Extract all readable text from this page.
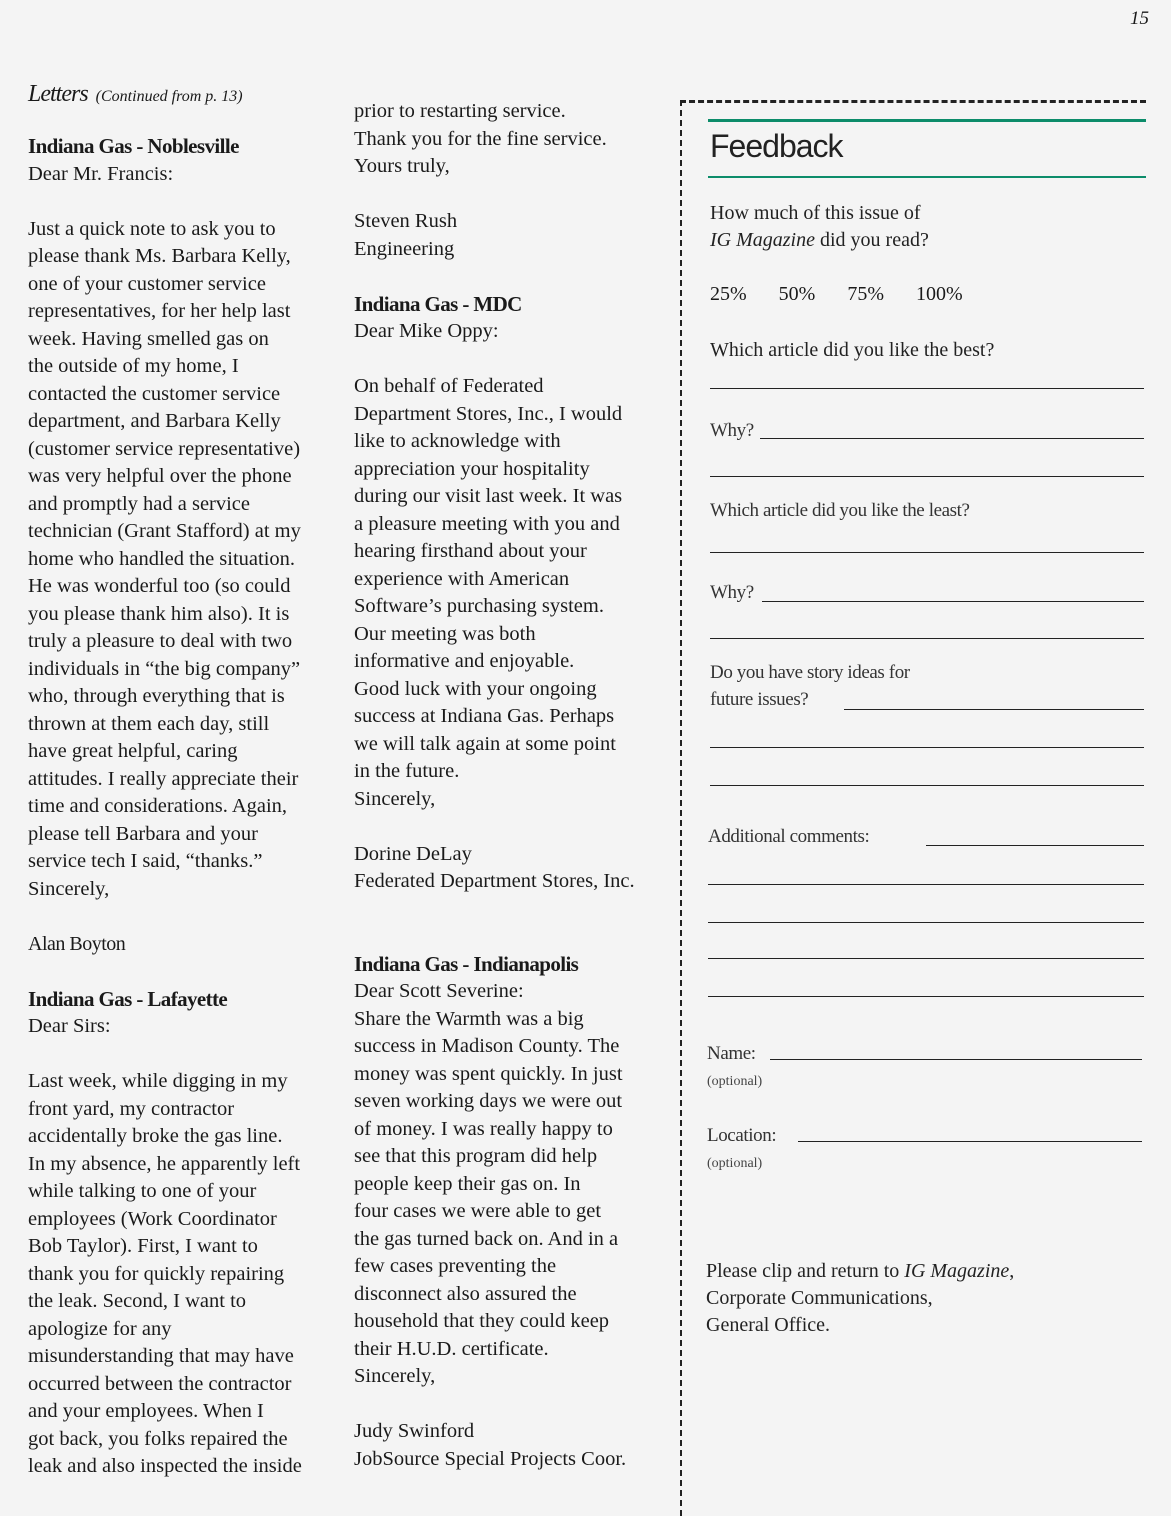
15
Letters (Continued from p. 13)

Indiana Gas - Noblesville

Dear Mr. Francis:

Just a quick note to ask you to

please thank Ms. Barbara Kelly,

one of your customer service

representatives, for her help last

week. Having smelled gas on

the outside of my home, I

contacted the customer service

department, and Barbara Kelly

(customer service representative)

was very helpful over the phone

and promptly had a service

technician (Grant Stafford) at my

home who handled the situation.

He was wonderful too (so could

you please thank him also). It is

truly a pleasure to deal with two

individuals in “the big company”

who, through everything that is

thrown at them each day, still

have great helpful, caring

attitudes. I really appreciate their

time and considerations. Again,

please tell Barbara and your

service tech I said, “thanks.”

Sincerely,

Alan Boyton

Indiana Gas - Lafayette

Dear Sirs:

Last week, while digging in my

front yard, my contractor

accidentally broke the gas line.

In my absence, he apparently left

while talking to one of your

employees (Work Coordinator

Bob Taylor). First, I want to

thank you for quickly repairing

the leak. Second, I want to

apologize for any

misunderstanding that may have

occurred between the contractor

and your employees. When I

got back, you folks repaired the

leak and also inspected the inside

prior to restarting service.

Thank you for the fine service.

Yours truly,

Steven Rush

Engineering

Indiana Gas - MDC

Dear Mike Oppy:

On behalf of Federated

Department Stores, Inc., I would

like to acknowledge with

appreciation your hospitality

during our visit last week. It was

a pleasure meeting with you and

hearing firsthand about your

experience with American

Software’s purchasing system.

Our meeting was both

informative and enjoyable.

Good luck with your ongoing

success at Indiana Gas. Perhaps

we will talk again at some point

in the future.

Sincerely,

Dorine DeLay

Federated Department Stores, Inc.

Indiana Gas - Indianapolis

Dear Scott Severine:

Share the Warmth was a big

success in Madison County. The

money was spent quickly. In just

seven working days we were out

of money. I was really happy to

see that this program did help

people keep their gas on. In

four cases we were able to get

the gas turned back on. And in a

few cases preventing the

disconnect also assured the

household that they could keep

their H.U.D. certificate.

Sincerely,

Judy Swinford

JobSource Special Projects Coor.

Feedback
How much of this issue of
IG Magazine did you read?
25% 50% 75% 100%
Which article did you like the best?
Why?
Which article did you like the least?
Why?
Do you have story ideas for
future issues?
Additional comments:
Name:
(optional)
Location:
(optional)
Please clip and return to IG Magazine,
Corporate Communications,
General Office.
